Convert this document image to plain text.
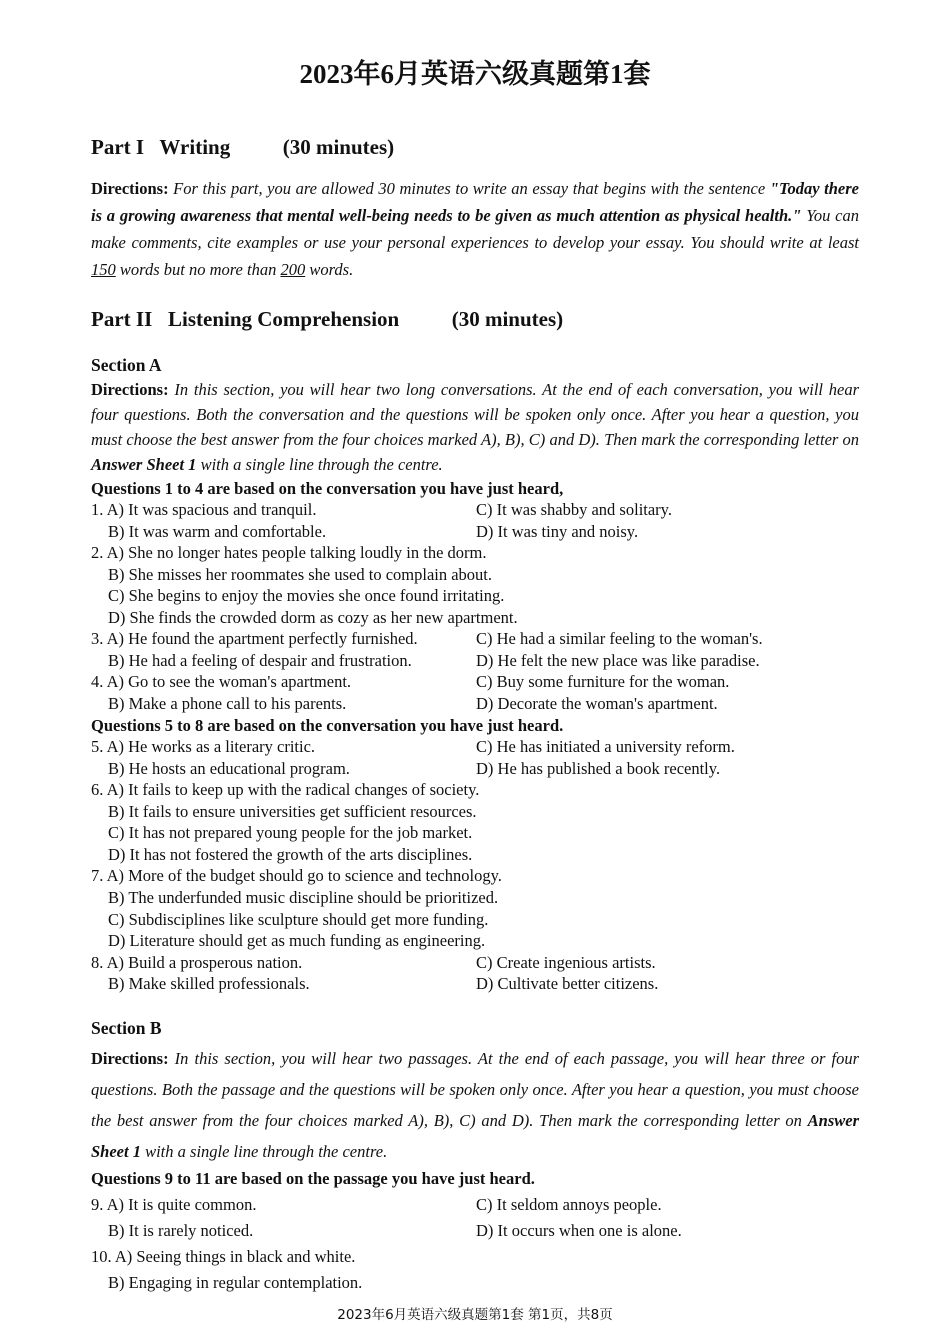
2023年6月英语六级真题第1套
Part I   Writing          (30 minutes)
Directions: For this part, you are allowed 30 minutes to write an essay that begins with the sentence "Today there is a growing awareness that mental well-being needs to be given as much attention as physical health." You can make comments, cite examples or use your personal experiences to develop your essay. You should write at least 150 words but no more than 200 words.
Part II   Listening Comprehension          (30 minutes)
Section A
Directions: In this section, you will hear two long conversations. At the end of each conversation, you will hear four questions. Both the conversation and the questions will be spoken only once. After you hear a question, you must choose the best answer from the four choices marked A), B), C) and D). Then mark the corresponding letter on Answer Sheet 1 with a single line through the centre.
Questions 1 to 4 are based on the conversation you have just heard,
1. A) It was spacious and tranquil.	C) It was shabby and solitary.
B) It was warm and comfortable.	D) It was tiny and noisy.
2. A) She no longer hates people talking loudly in the dorm.
B) She misses her roommates she used to complain about.
C) She begins to enjoy the movies she once found irritating.
D) She finds the crowded dorm as cozy as her new apartment.
3. A) He found the apartment perfectly furnished.	C) He had a similar feeling to the woman's.
B) He had a feeling of despair and frustration.	D) He felt the new place was like paradise.
4. A) Go to see the woman's apartment.	C) Buy some furniture for the woman.
B) Make a phone call to his parents.	D) Decorate the woman's apartment.
Questions 5 to 8 are based on the conversation you have just heard.
5. A) He works as a literary critic.	C) He has initiated a university reform.
B) He hosts an educational program.	D) He has published a book recently.
6. A) It fails to keep up with the radical changes of society.
B) It fails to ensure universities get sufficient resources.
C) It has not prepared young people for the job market.
D) It has not fostered the growth of the arts disciplines.
7. A) More of the budget should go to science and technology.
B) The underfunded music discipline should be prioritized.
C) Subdisciplines like sculpture should get more funding.
D) Literature should get as much funding as engineering.
8. A) Build a prosperous nation.	C) Create ingenious artists.
B) Make skilled professionals.	D) Cultivate better citizens.
Section B
Directions: In this section, you will hear two passages. At the end of each passage, you will hear three or four questions. Both the passage and the questions will be spoken only once. After you hear a question, you must choose the best answer from the four choices marked A), B), C) and D). Then mark the corresponding letter on Answer Sheet 1 with a single line through the centre.
Questions 9 to 11 are based on the passage you have just heard.
9. A) It is quite common.	C) It seldom annoys people.
B) It is rarely noticed.	D) It occurs when one is alone.
10. A) Seeing things in black and white.
B) Engaging in regular contemplation.
2023年6月英语六级真题第1套 第1页，共8页
